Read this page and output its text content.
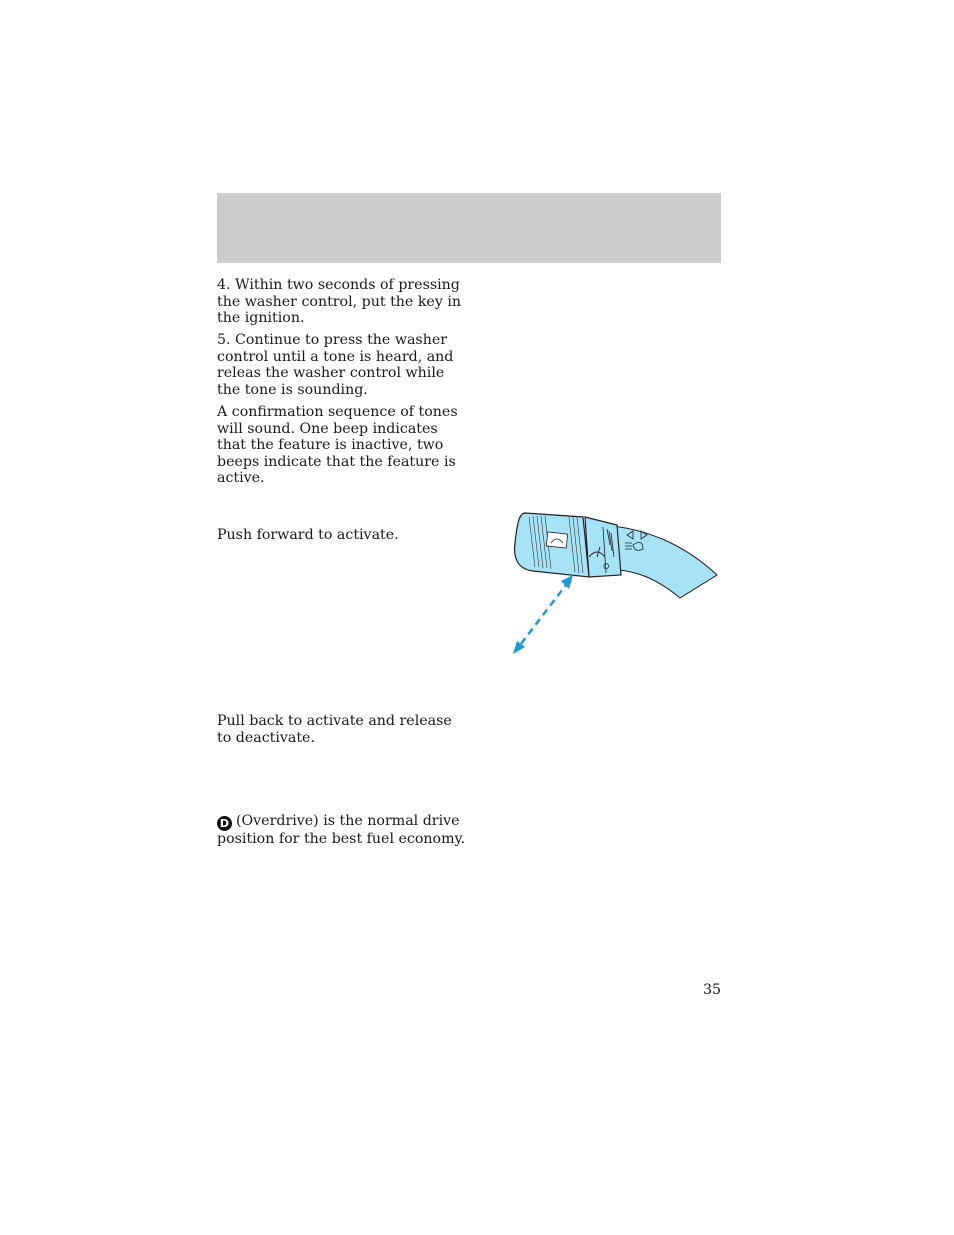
4. Within two seconds of pressing the washer control, put the key in the ignition.

5. Continue to press the washer control until a tone is heard, and releas the washer control while the tone is sounding.

A confirmation sequence of tones will sound. One beep indicates that the feature is inactive, two beeps indicate that the feature is active.

Push forward to activate.

Pull back to activate and release to deactivate.

D (Overdrive) is the normal drive position for the best fuel economy.

O
35
